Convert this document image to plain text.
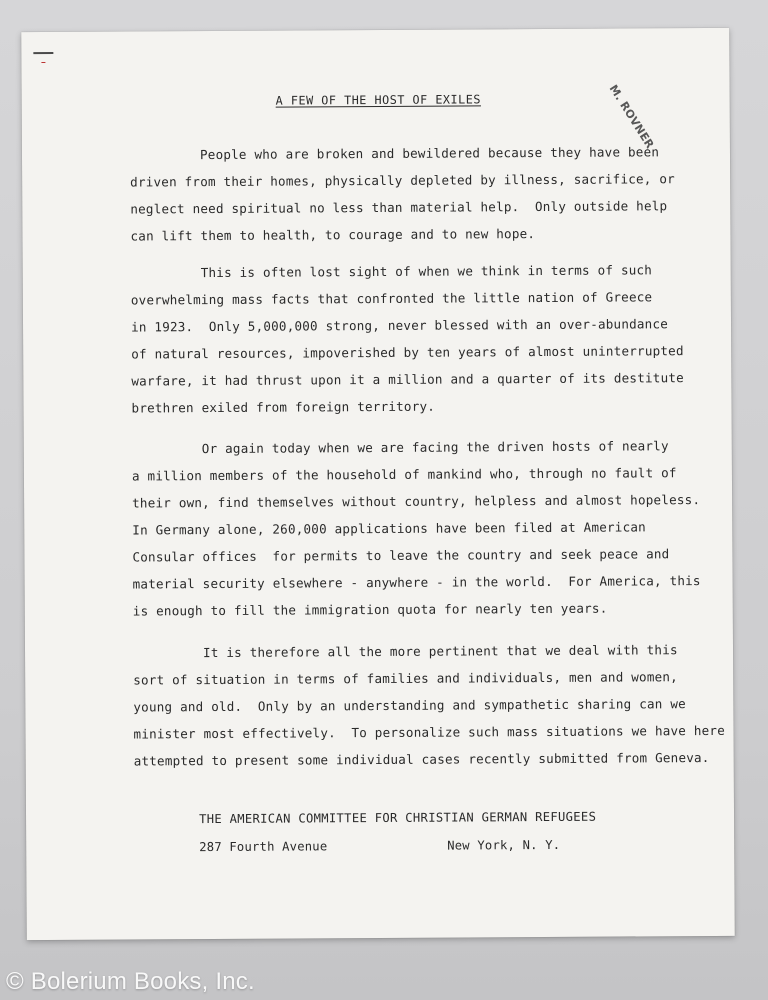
M. ROVNER
A FEW OF THE HOST OF EXILES
People who are broken and bewildered because they have been
driven from their homes, physically depleted by illness, sacrifice, or
neglect need spiritual no less than material help.  Only outside help
can lift them to health, to courage and to new hope.
This is often lost sight of when we think in terms of such
overwhelming mass facts that confronted the little nation of Greece
in 1923.  Only 5,000,000 strong, never blessed with an over-abundance
of natural resources, impoverished by ten years of almost uninterrupted
warfare, it had thrust upon it a million and a quarter of its destitute
brethren exiled from foreign territory.
Or again today when we are facing the driven hosts of nearly
a million members of the household of mankind who, through no fault of
their own, find themselves without country, helpless and almost hopeless.
In Germany alone, 260,000 applications have been filed at American
Consular offices  for permits to leave the country and seek peace and
material security elsewhere - anywhere - in the world.  For America, this
is enough to fill the immigration quota for nearly ten years.
It is therefore all the more pertinent that we deal with this
sort of situation in terms of families and individuals, men and women,
young and old.  Only by an understanding and sympathetic sharing can we
minister most effectively.  To personalize such mass situations we have here
attempted to present some individual cases recently submitted from Geneva.
THE AMERICAN COMMITTEE FOR CHRISTIAN GERMAN REFUGEES
287 Fourth Avenue	New York, N. Y.
© Bolerium Books, Inc.
